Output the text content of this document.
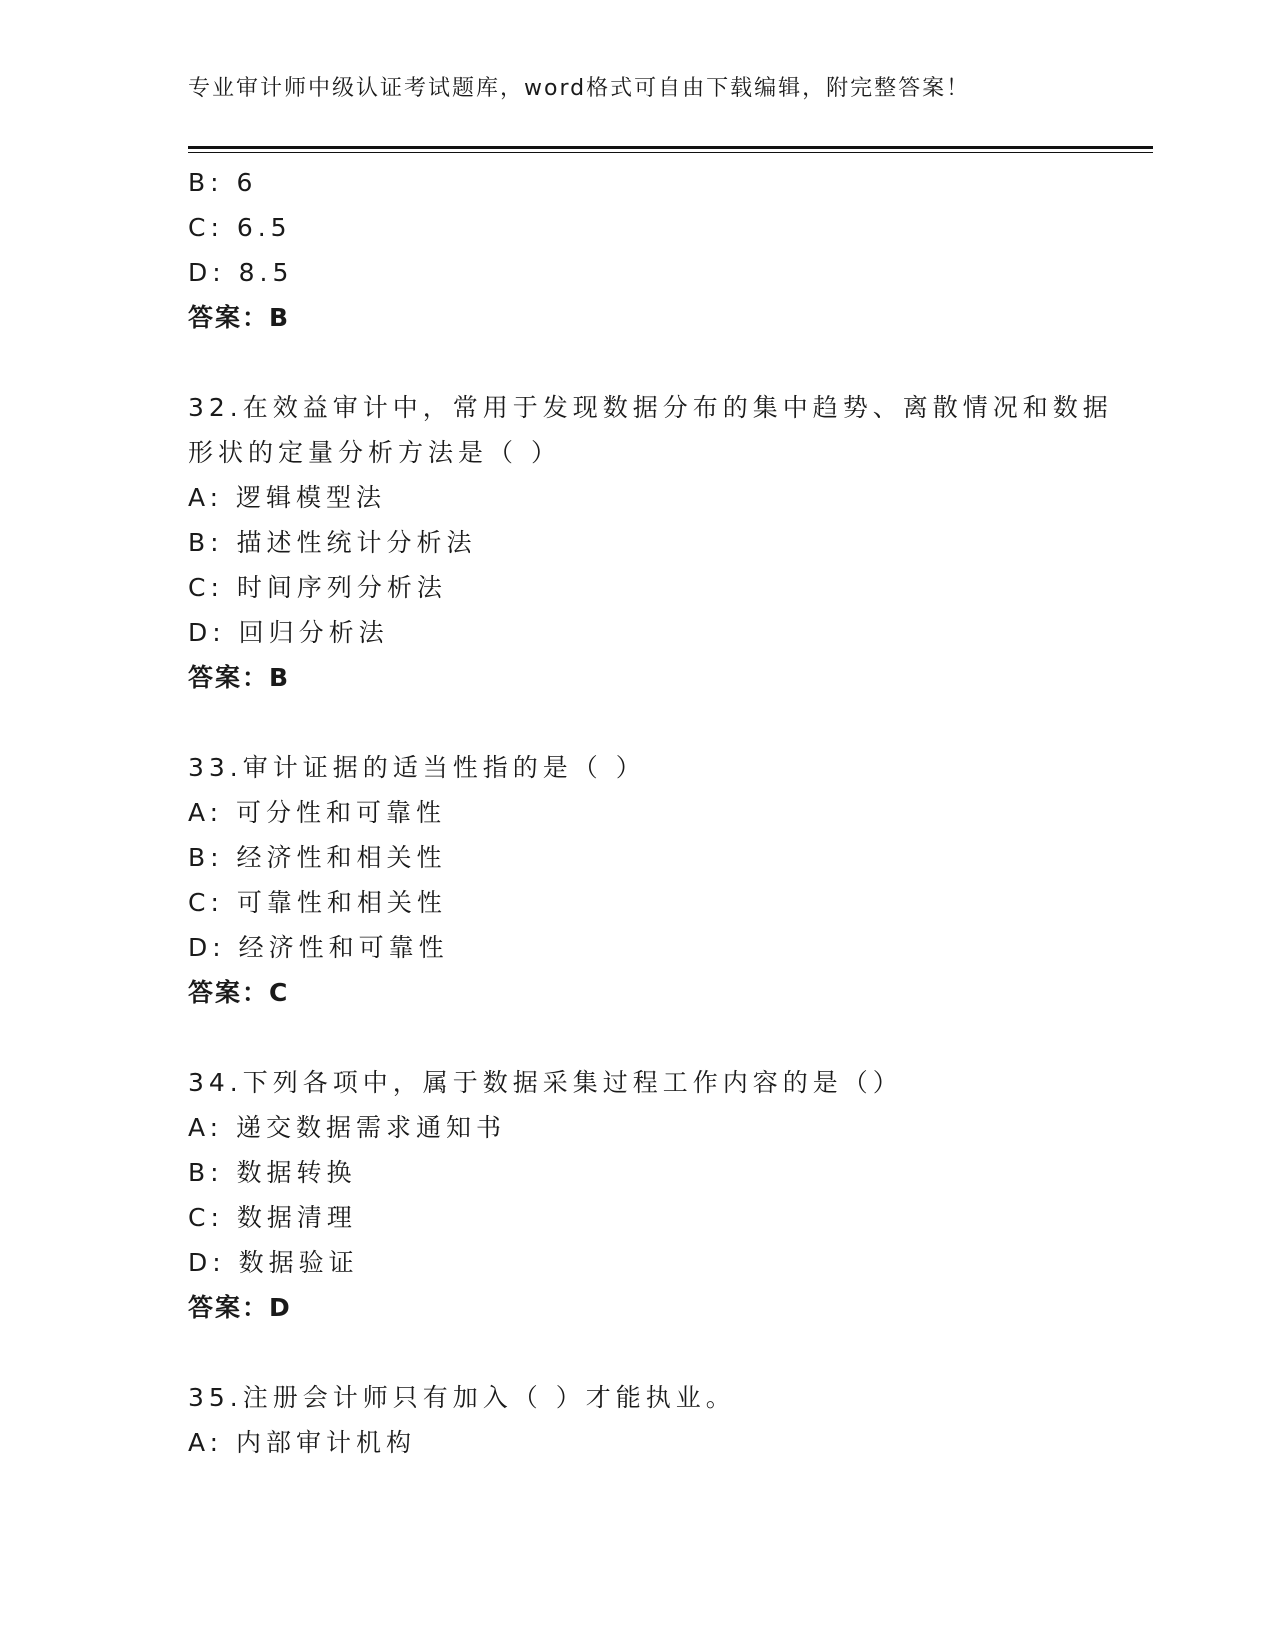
专业审计师中级认证考试题库，word格式可自由下载编辑，附完整答案！
B: 6
C: 6.5
D: 8.5
答案：B
32.在效益审计中，常用于发现数据分布的集中趋势、离散情况和数据
形状的定量分析方法是（ ）
A: 逻辑模型法
B: 描述性统计分析法
C: 时间序列分析法
D: 回归分析法
答案：B
33.审计证据的适当性指的是（ ）
A: 可分性和可靠性
B: 经济性和相关性
C: 可靠性和相关性
D: 经济性和可靠性
答案：C
34.下列各项中，属于数据采集过程工作内容的是（）
A: 递交数据需求通知书
B: 数据转换
C: 数据清理
D: 数据验证
答案：D
35.注册会计师只有加入（ ）才能执业。
A: 内部审计机构
